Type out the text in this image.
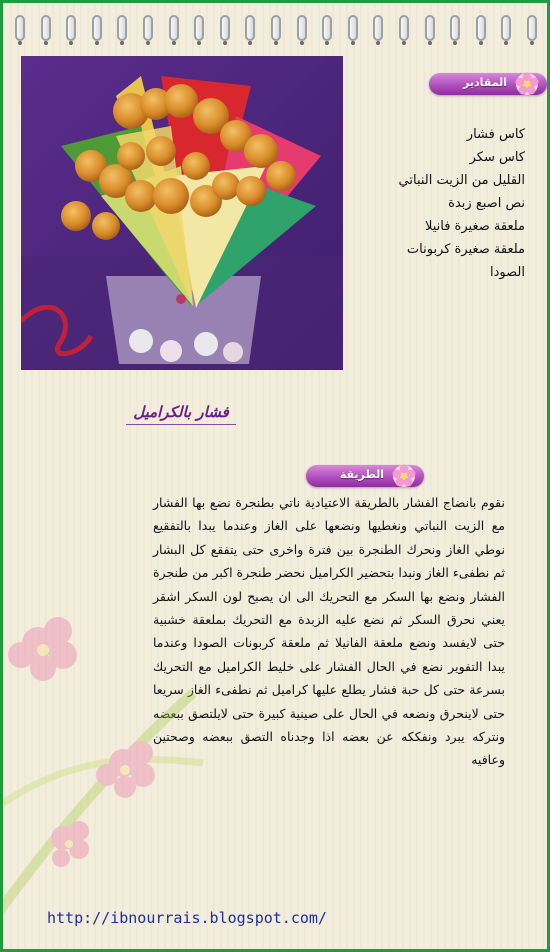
المقادير
كاس فشار
كاس سكر
القليل من الزيت النباتي
نص اصبع زبدة
ملعقة صغيرة فانيلا
ملعقة صغيرة كربونات
الصودا
فشار بالكراميل
الطريقة
نقوم بانضاج الفشار بالطريقة الاعتيادية ناتي بطنجرة نضع بها الفشار مع الزيت النباتي ونغطيها ونضعها على الغاز وعندما يبدا بالتفقيع نوطي الغاز ونحرك الطنجرة بين فترة واخرى حتى يتفقع كل البشار ثم نطفىء الغاز ونبدا بتحضير الكراميل نحضر طنجرة اكبر من طنجرة الفشار ونضع بها السكر مع التحريك الى ان يصبح لون السكر اشقر يعني نحرق السكر ثم نضع عليه الزبدة مع التحريك بملعقة خشبية حتى لايفسد ونضع ملعقة الفانيلا ثم ملعقة كربونات الصودا وعندما يبدا التفوير نضع في الحال الفشار على خليط الكراميل مع التحريك بسرعة حتى كل حبة فشار يطلع عليها كراميل ثم نطفىء الغاز سريعا حتى لاينحرق ونضعه في الحال على صينية كبيرة حتى لايلتصق ببعضه ونتركه يبرد ونفككه عن بعضه اذا وجدناه التصق ببعضه وصحتين وعافيه
http://ibnourrais.blogspot.com/
